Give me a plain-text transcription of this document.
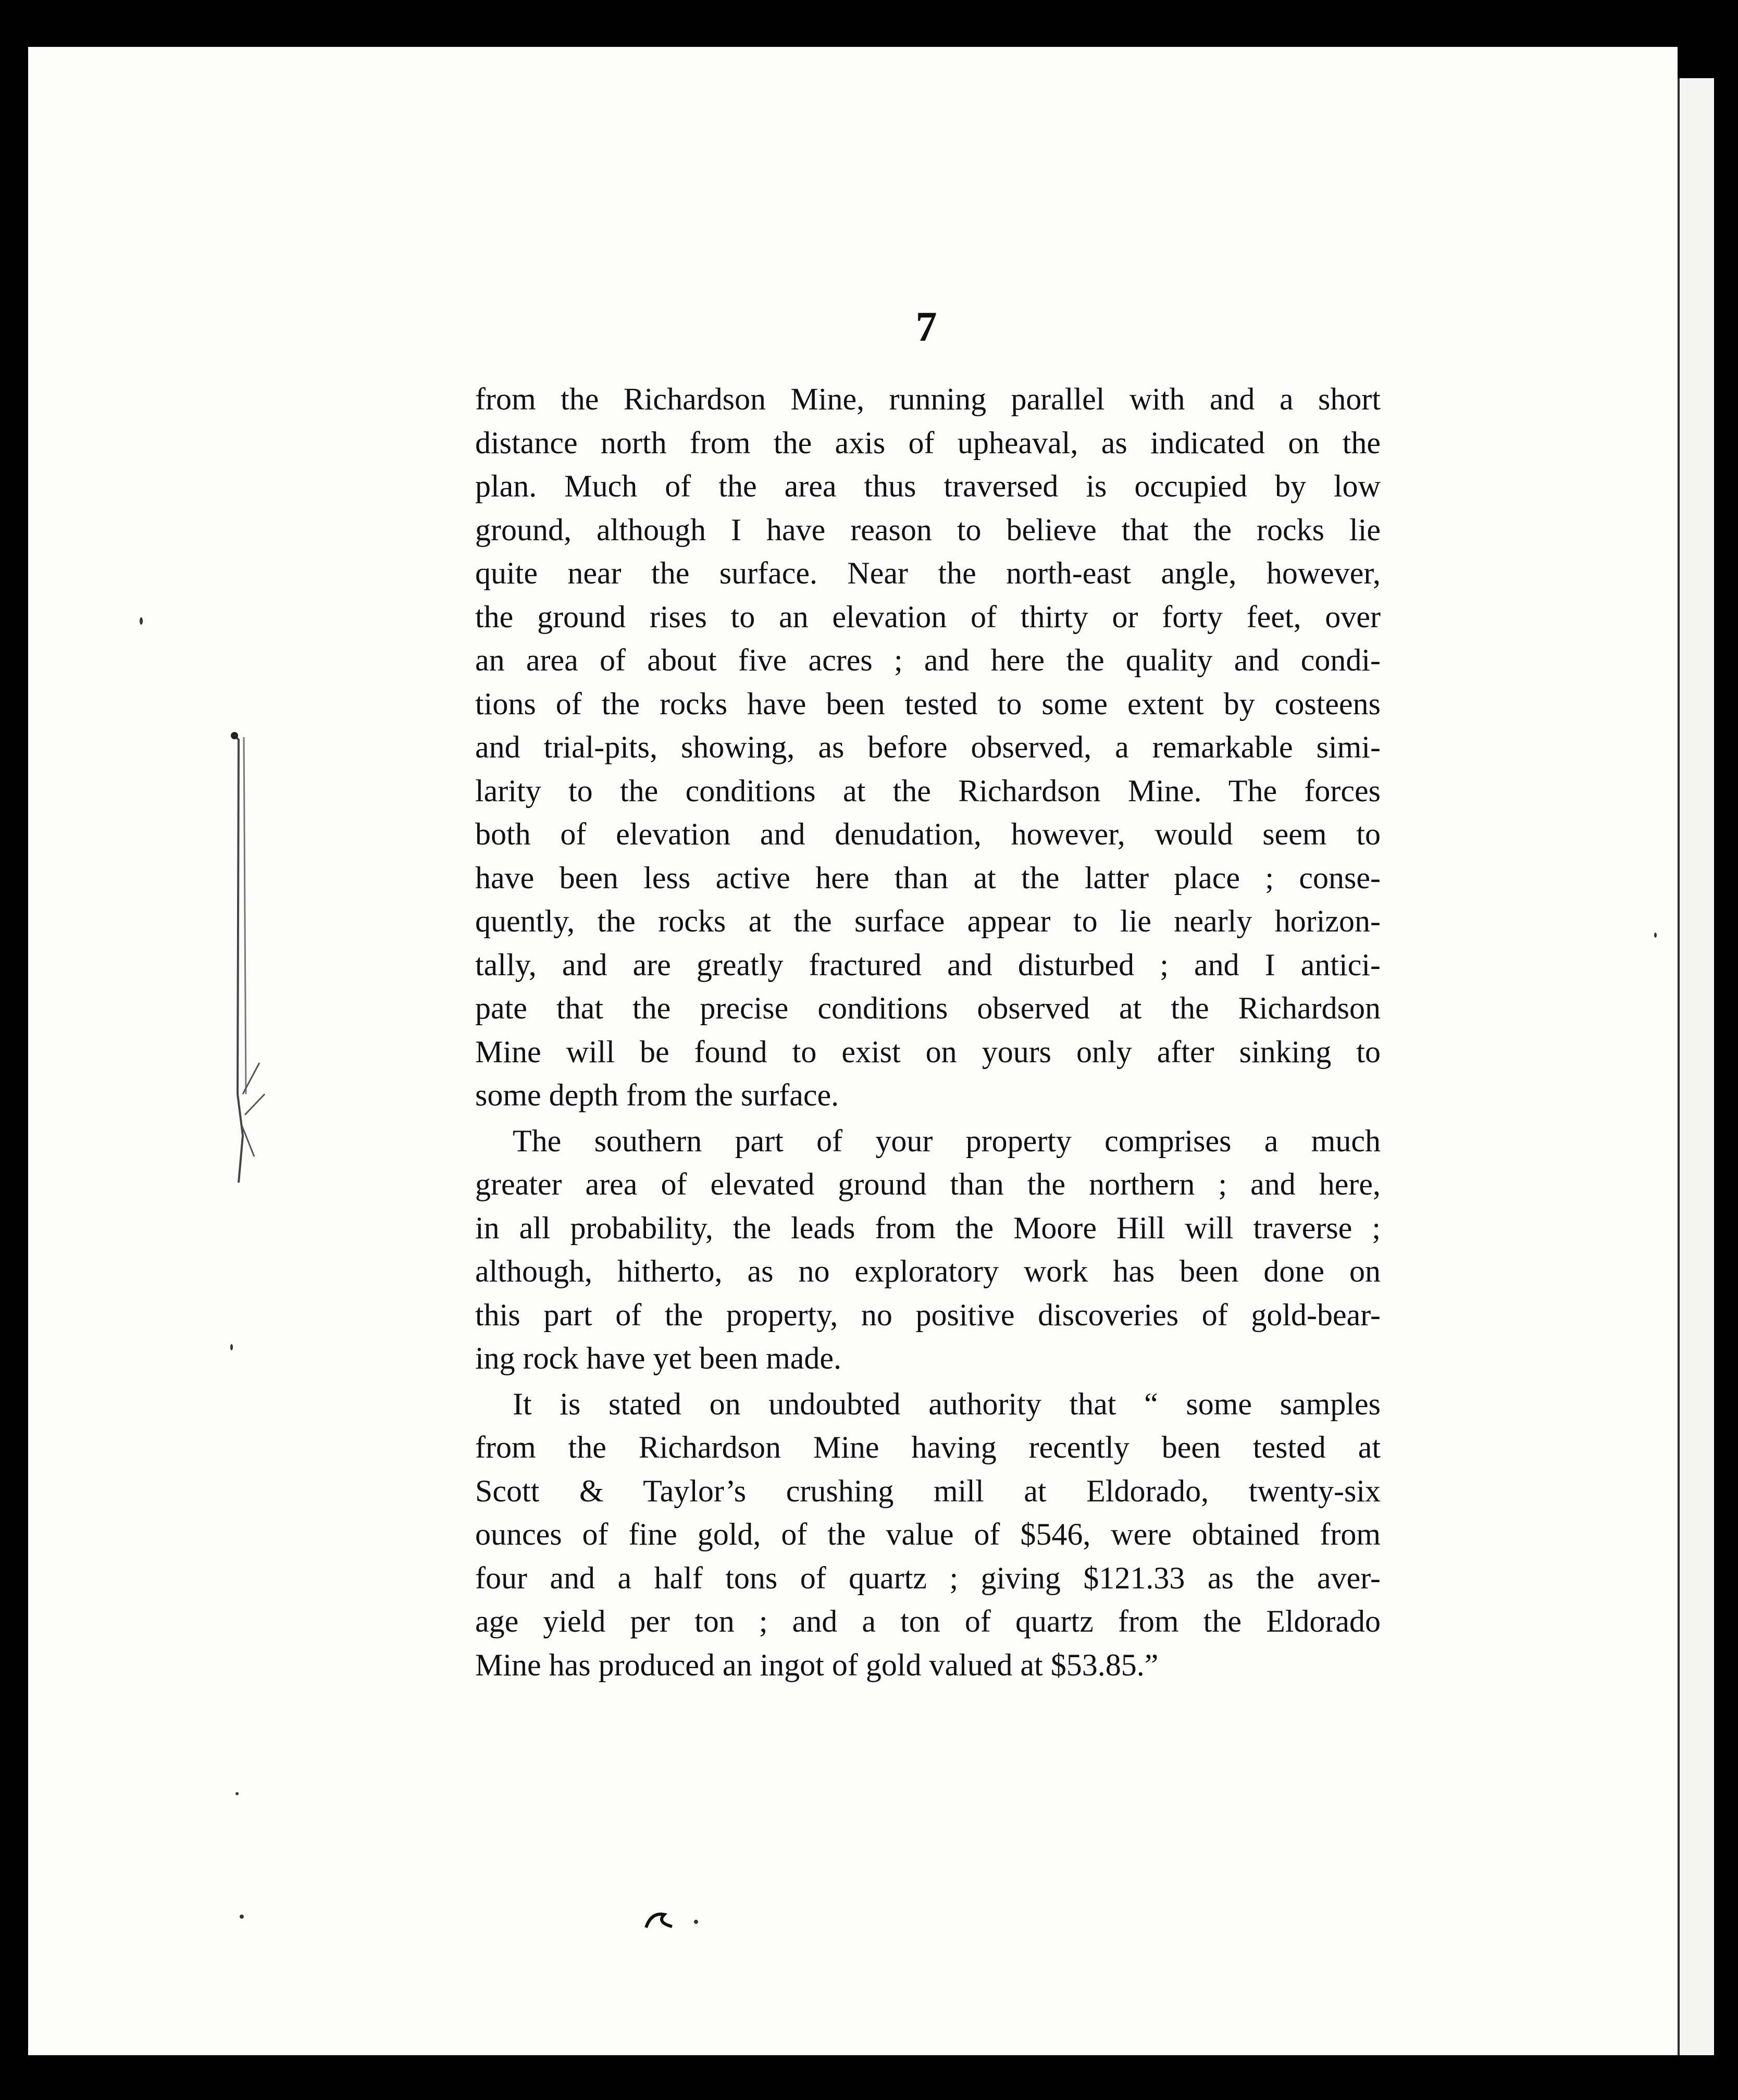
7
from the Richardson Mine, running parallel with and a short
distance north from the axis of upheaval, as indicated on the
plan. Much of the area thus traversed is occupied by low
ground, although I have reason to believe that the rocks lie
quite near the surface. Near the north-east angle, however,
the ground rises to an elevation of thirty or forty feet, over
an area of about five acres ; and here the quality and condi-
tions of the rocks have been tested to some extent by costeens
and trial-pits, showing, as before observed, a remarkable simi-
larity to the conditions at the Richardson Mine. The forces
both of elevation and denudation, however, would seem to
have been less active here than at the latter place ; conse-
quently, the rocks at the surface appear to lie nearly horizon-
tally, and are greatly fractured and disturbed ; and I antici-
pate that the precise conditions observed at the Richardson
Mine will be found to exist on yours only after sinking to
some depth from the surface.
The southern part of your property comprises a much
greater area of elevated ground than the northern ; and here,
in all probability, the leads from the Moore Hill will traverse ;
although, hitherto, as no exploratory work has been done on
this part of the property, no positive discoveries of gold-bear-
ing rock have yet been made.
It is stated on undoubted authority that “ some samples
from the Richardson Mine having recently been tested at
Scott & Taylor’s crushing mill at Eldorado, twenty-six
ounces of fine gold, of the value of $546, were obtained from
four and a half tons of quartz ; giving $121.33 as the aver-
age yield per ton ; and a ton of quartz from the Eldorado
Mine has produced an ingot of gold valued at $53.85.”
